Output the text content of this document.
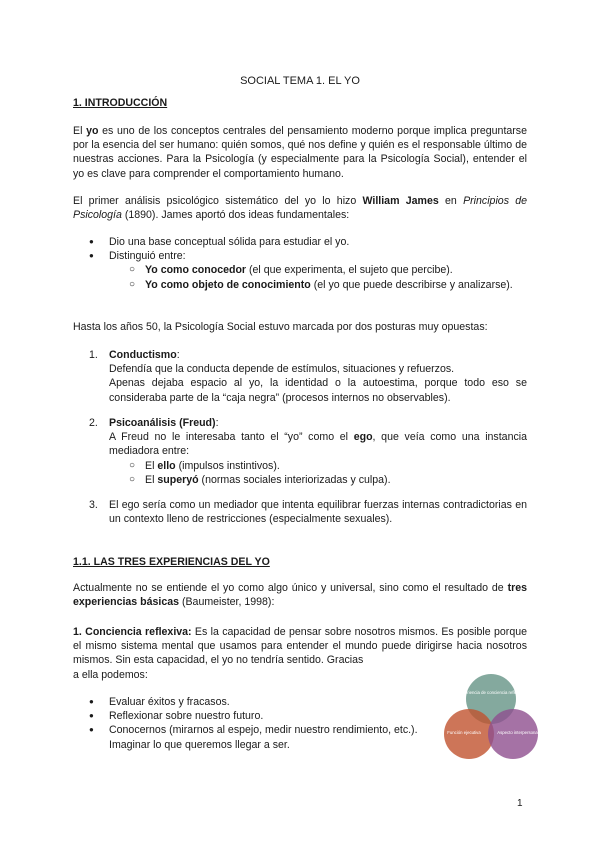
SOCIAL TEMA 1. EL YO
1. INTRODUCCIÓN
El yo es uno de los conceptos centrales del pensamiento moderno porque implica preguntarse por la esencia del ser humano: quién somos, qué nos define y quién es el responsable último de nuestras acciones. Para la Psicología (y especialmente para la Psicología Social), entender el yo es clave para comprender el comportamiento humano.
El primer análisis psicológico sistemático del yo lo hizo William James en Principios de Psicología (1890). James aportó dos ideas fundamentales:
● Dio una base conceptual sólida para estudiar el yo.
● Distinguió entre:
○ Yo como conocedor (el que experimenta, el sujeto que percibe).
○ Yo como objeto de conocimiento (el yo que puede describirse y analizarse).
Hasta los años 50, la Psicología Social estuvo marcada por dos posturas muy opuestas:
1. Conductismo:
Defendía que la conducta depende de estímulos, situaciones y refuerzos.
Apenas dejaba espacio al yo, la identidad o la autoestima, porque todo eso se consideraba parte de la “caja negra” (procesos internos no observables).
2. Psicoanálisis (Freud):
A Freud no le interesaba tanto el “yo” como el ego, que veía como una instancia mediadora entre:
○ El ello (impulsos instintivos).
○ El superyó (normas sociales interiorizadas y culpa).
3. El ego sería como un mediador que intenta equilibrar fuerzas internas contradictorias en un contexto lleno de restricciones (especialmente sexuales).
1.1. LAS TRES EXPERIENCIAS DEL YO
Actualmente no se entiende el yo como algo único y universal, sino como el resultado de tres experiencias básicas (Baumeister, 1998):
1. Conciencia reflexiva: Es la capacidad de pensar sobre nosotros mismos. Es posible porque el mismo sistema mental que usamos para entender el mundo puede dirigirse hacia nosotros mismos. Sin esta capacidad, el yo no tendría sentido. Gracias
a ella podemos:
● Evaluar éxitos y fracasos.
● Reflexionar sobre nuestro futuro.
● Conocernos (mirarnos al espejo, medir nuestro rendimiento, etc.).
Imaginar lo que queremos llegar a ser.
Experiencia de conciencia reflexiva
Función ejecutiva	Aspecto interpersonal
1
